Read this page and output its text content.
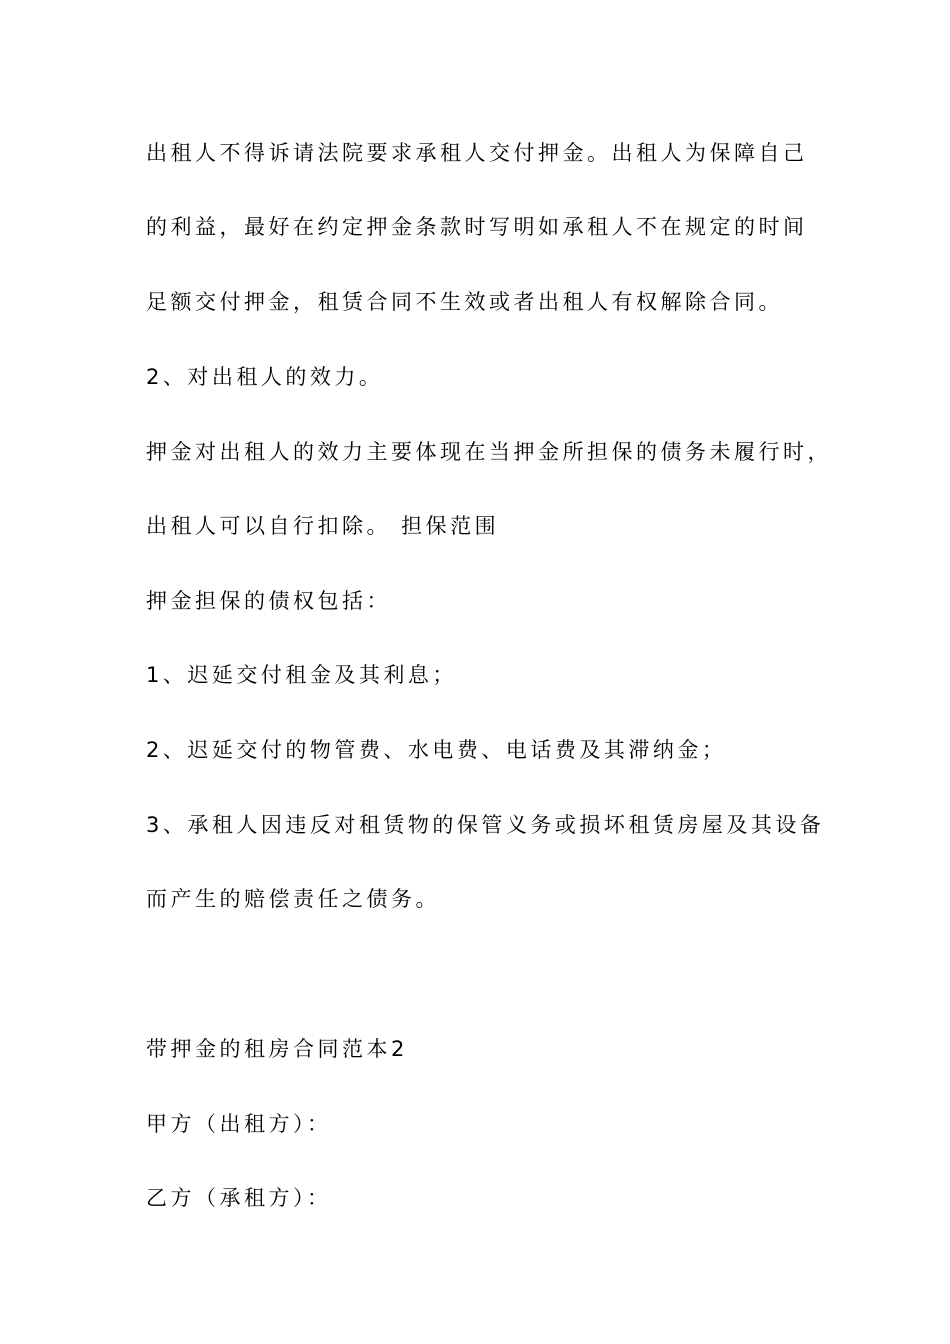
出租人不得诉请法院要求承租人交付押金。出租人为保障自己
的利益，最好在约定押金条款时写明如承租人不在规定的时间
足额交付押金，租赁合同不生效或者出租人有权解除合同。
2、对出租人的效力。
押金对出租人的效力主要体现在当押金所担保的债务未履行时，
出租人可以自行扣除。 担保范围
押金担保的债权包括：
1、迟延交付租金及其利息；
2、迟延交付的物管费、水电费、电话费及其滞纳金；
3、承租人因违反对租赁物的保管义务或损坏租赁房屋及其设备
而产生的赔偿责任之债务。
带押金的租房合同范本2
甲方（出租方）：
乙方（承租方）：
